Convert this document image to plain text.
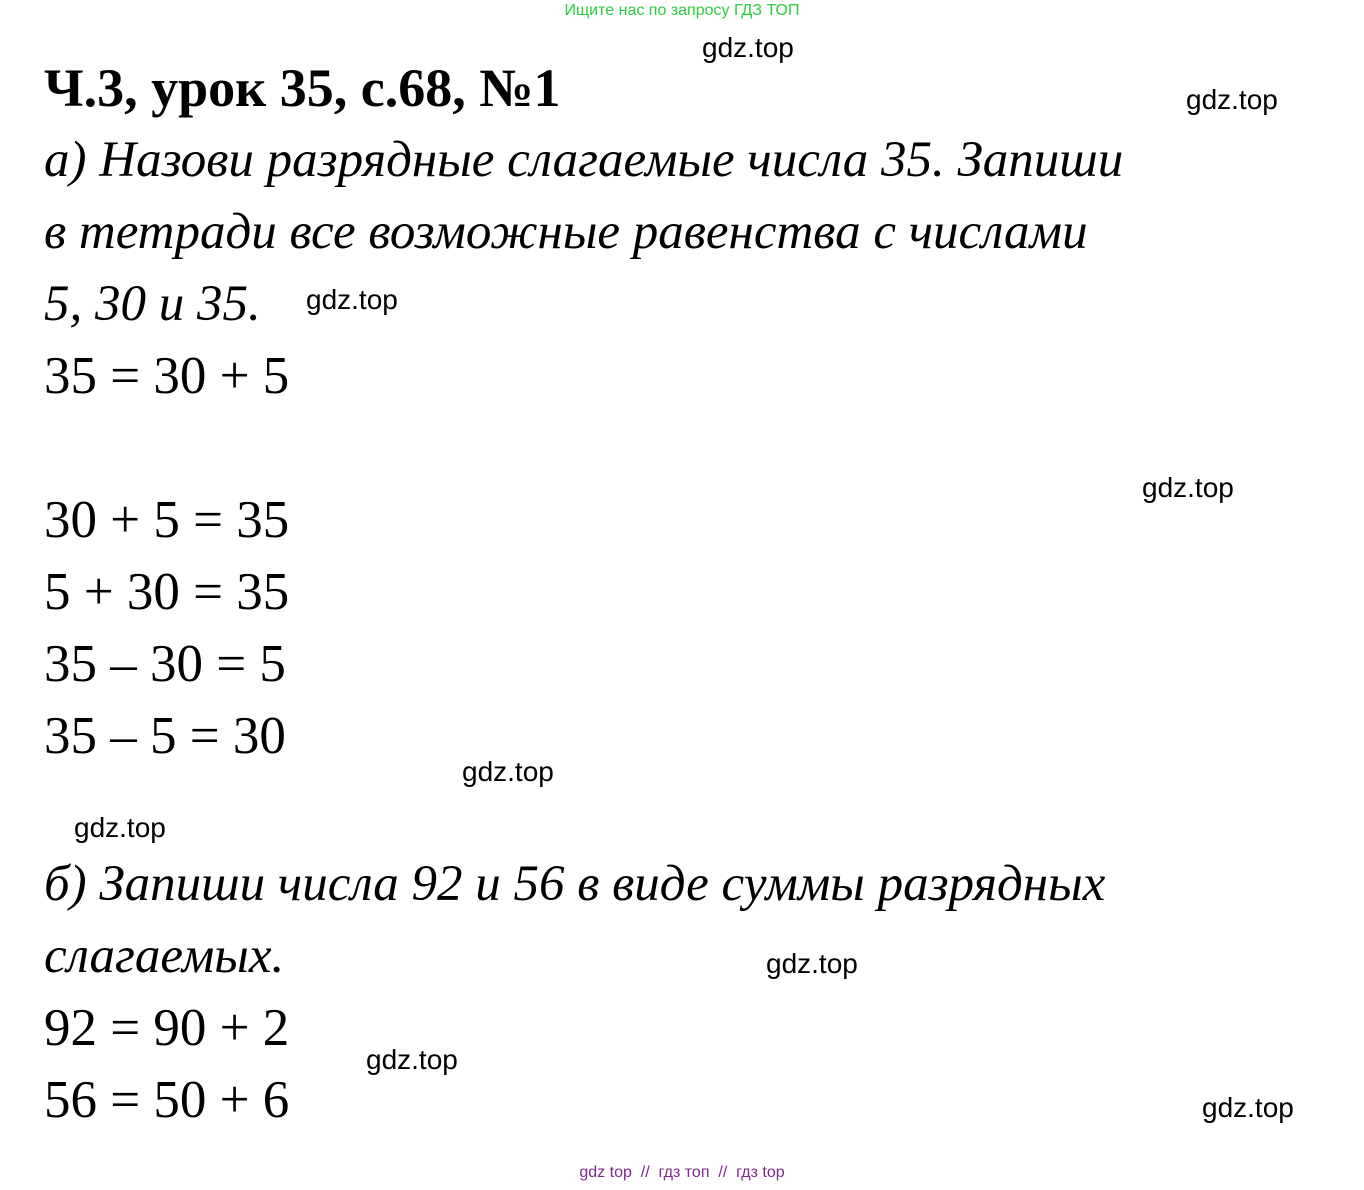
Ищите нас по запросу ГДЗ ТОП
gdz.top
gdz.top
Ч.3, урок 35, с.68, №1
а) Назови разрядные слагаемые числа 35. Запиши
в тетради все возможные равенства с числами
5, 30 и 35. gdz.top
35 = 30 + 5
gdz.top
30 + 5 = 35
5 + 30 = 35
35 – 30 = 5
35 – 5 = 30
gdz.top
gdz.top
б) Запиши числа 92 и 56 в виде суммы разрядных
слагаемых.	gdz.top
92 = 90 + 2
gdz.top
56 = 50 + 6	gdz.top
gdz top  //  гдз топ  //  гдз top
